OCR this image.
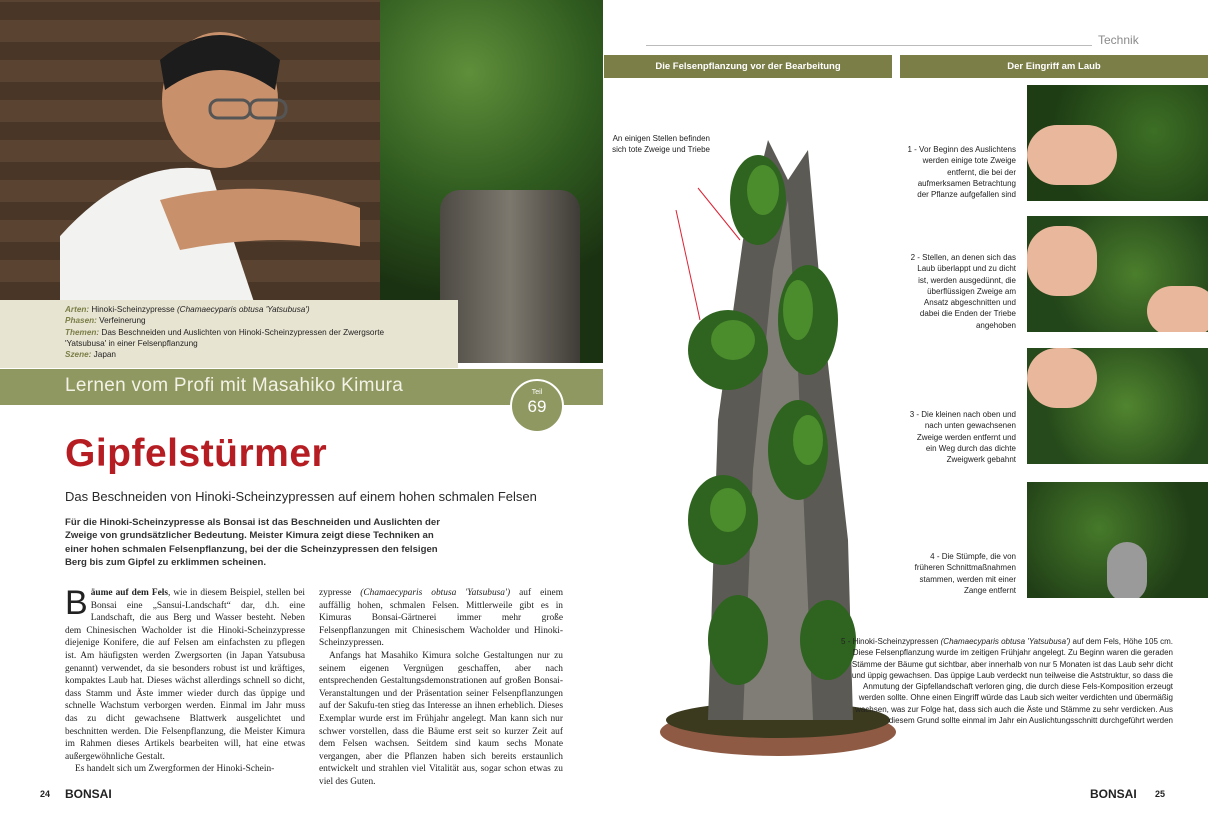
Arten: Hinoki-Scheinzypresse (Chamaecyparis obtusa 'Yatsubusa')
Phasen: Verfeinerung
Themen: Das Beschneiden und Auslichten von Hinoki-Scheinzypressen der Zwergsorte
'Yatsubusa' in einer Felsenpflanzung
Szene: Japan
Lernen vom Profi mit Masahiko Kimura	Teil
69
Gipfelstürmer
Das Beschneiden von Hinoki-Scheinzypressen auf einem hohen schmalen Felsen
Für die Hinoki-Scheinzypresse als Bonsai ist das Beschneiden und Auslichten der Zweige von grundsätzlicher Bedeutung. Meister Kimura zeigt diese Techniken an einer hohen schmalen Felsenpflanzung, bei der die Scheinzypressen den felsigen Berg bis zum Gipfel zu erklimmen scheinen.
Bäume auf dem Fels, wie in diesem Beispiel, stellen bei Bonsai eine „Sansui-Landschaft“ dar, d.h. eine Landschaft, die aus Berg und Wasser besteht. Neben dem Chinesischen Wacholder ist die Hinoki-Scheinzypresse diejenige Konifere, die auf Felsen am einfachsten zu pflegen ist. Am häufigsten werden Zwergsorten (in Japan Yatsubusa genannt) verwendet, da sie besonders robust ist und kräftiges, kompaktes Laub hat. Dieses wächst allerdings schnell so dicht, dass Stamm und Äste immer wieder durch das üppige und schnelle Wachstum verborgen werden. Einmal im Jahr muss das zu dicht gewachsene Blattwerk ausgelichtet und beschnitten werden. Die Felsenpflanzung, die Meister Kimura im Rahmen dieses Artikels bearbeiten will, hat eine etwas außergewöhnliche Gestalt.
Es handelt sich um Zwergformen der Hinoki-Schein-
zypresse (Chamaecyparis obtusa 'Yatsubusa') auf einem auffällig hohen, schmalen Felsen. Mittlerweile gibt es in Kimuras Bonsai-Gärtnerei immer mehr große Felsenpflanzungen mit Chinesischem Wacholder und Hinoki-Scheinzypressen.
Anfangs hat Masahiko Kimura solche Gestaltungen nur zu seinem eigenen Vergnügen geschaffen, aber nach entsprechenden Gestaltungsdemonstrationen auf großen Bonsai-Veranstaltungen und der Präsentation seiner Felsenpflanzungen auf der Sakufu-ten stieg das Interesse an ihnen erheblich. Dieses Exemplar wurde erst im Frühjahr angelegt. Man kann sich nur schwer vorstellen, dass die Bäume erst seit so kurzer Zeit auf dem Felsen wachsen. Seitdem sind kaum sechs Monate vergangen, aber die Pflanzen haben sich bereits erstaunlich entwickelt und strahlen viel Vitalität aus, sogar schon etwas zu viel des Guten.
24 BONSAI
Technik
Die Felsenpflanzung vor der Bearbeitung	Der Eingriff am Laub
An einigen Stellen befinden sich tote Zweige und Triebe	1 - Vor Beginn des Auslichtens werden einige tote Zweige entfernt, die bei der aufmerksamen Betrachtung der Pflanze aufgefallen sind
2 - Stellen, an denen sich das Laub überlappt und zu dicht ist, werden ausgedünnt, die überflüssigen Zweige am Ansatz abgeschnitten und dabei die Enden der Triebe angehoben
3 - Die kleinen nach oben und nach unten gewachsenen Zweige werden entfernt und ein Weg durch das dichte Zweigwerk gebahnt
4 - Die Stümpfe, die von früheren Schnittmaßnahmen stammen, werden mit einer Zange entfernt
5 - Hinoki-Scheinzypressen (Chamaecyparis obtusa 'Yatsubusa') auf dem Fels, Höhe 105 cm. Diese Felsenpflanzung wurde im zeitigen Frühjahr angelegt. Zu Beginn waren die geraden Stämme der Bäume gut sichtbar, aber innerhalb von nur 5 Monaten ist das Laub sehr dicht und üppig gewachsen. Das üppige Laub verdeckt nun teilweise die Aststruktur, so dass die Anmutung der Gipfellandschaft verloren ging, die durch diese Fels-Komposition erzeugt werden sollte. Ohne einen Eingriff würde das Laub sich weiter verdichten und übermäßig wachsen, was zur Folge hat, dass sich auch die Äste und Stämme zu sehr verdicken. Aus diesem Grund sollte einmal im Jahr ein Auslichtungsschnitt durchgeführt werden
BONSAI 25
